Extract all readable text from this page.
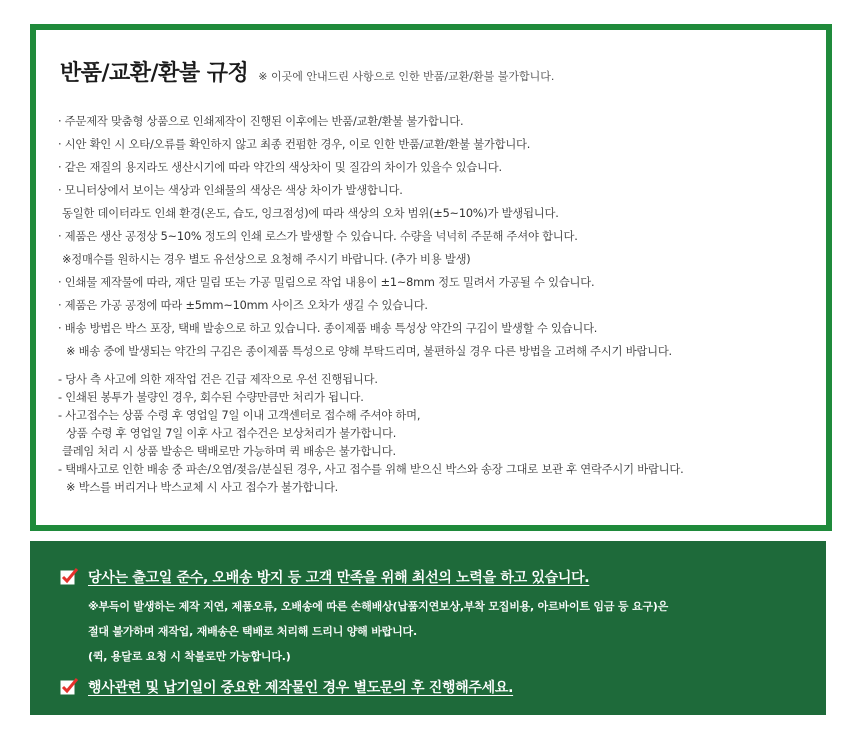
반품/교환/환불 규정 ※ 이곳에 안내드린 사항으로 인한 반품/교환/환불 불가합니다.
· 주문제작 맞춤형 상품으로 인쇄제작이 진행된 이후에는 반품/교환/환불 불가합니다.
· 시안 확인 시 오타/오류를 확인하지 않고 최종 컨펌한 경우, 이로 인한 반품/교환/환불 불가합니다.
· 같은 재질의 용지라도 생산시기에 따라 약간의 색상차이 및 질감의 차이가 있을수 있습니다.
· 모니터상에서 보이는 색상과 인쇄물의 색상은 색상 차이가 발생합니다.
동일한 데이터라도 인쇄 환경(온도, 습도, 잉크점성)에 따라 색상의 오차 범위(±5~10%)가 발생됩니다.
· 제품은 생산 공정상 5~10% 정도의 인쇄 로스가 발생할 수 있습니다. 수량을 넉넉히 주문해 주셔야 합니다.
※정매수를 원하시는 경우 별도 유선상으로 요청해 주시기 바랍니다. (추가 비용 발생)
· 인쇄물 제작물에 따라, 재단 밀림 또는 가공 밀림으로 작업 내용이 ±1~8mm 정도 밀려서 가공될 수 있습니다.
· 제품은 가공 공정에 따라 ±5mm~10mm 사이즈 오차가 생길 수 있습니다.
· 배송 방법은 박스 포장, 택배 발송으로 하고 있습니다. 종이제품 배송 특성상 약간의 구김이 발생할 수 있습니다.
※ 배송 중에 발생되는 약간의 구김은 종이제품 특성으로 양해 부탁드리며, 불편하실 경우 다른 방법을 고려해 주시기 바랍니다.
- 당사 측 사고에 의한 재작업 건은 긴급 제작으로 우선 진행됩니다.
- 인쇄된 봉투가 불량인 경우, 회수된 수량만큼만 처리가 됩니다.
- 사고접수는 상품 수령 후 영업일 7일 이내 고객센터로 접수해 주셔야 하며,
상품 수령 후 영업일 7일 이후 사고 접수건은 보상처리가 불가합니다.
클레임 처리 시 상품 발송은 택배로만 가능하며 퀵 배송은 불가합니다.
- 택배사고로 인한 배송 중 파손/오염/젖음/분실된 경우, 사고 접수를 위해 받으신 박스와 송장 그대로 보관 후 연락주시기 바랍니다.
※ 박스를 버리거나 박스교체 시 사고 접수가 불가합니다.
당사는 출고일 준수, 오배송 방지 등 고객 만족을 위해 최선의 노력을 하고 있습니다.
※부득이 발생하는 제작 지연, 제품오류, 오배송에 따른 손해배상(납품지연보상,부착 모집비용, 아르바이트 임금 등 요구)은
절대 불가하며 재작업, 재배송은 택배로 처리해 드리니 양해 바랍니다.
(퀵, 용달로 요청 시 착불로만 가능합니다.)
행사관련 및 납기일이 중요한 제작물인 경우 별도문의 후 진행해주세요.
